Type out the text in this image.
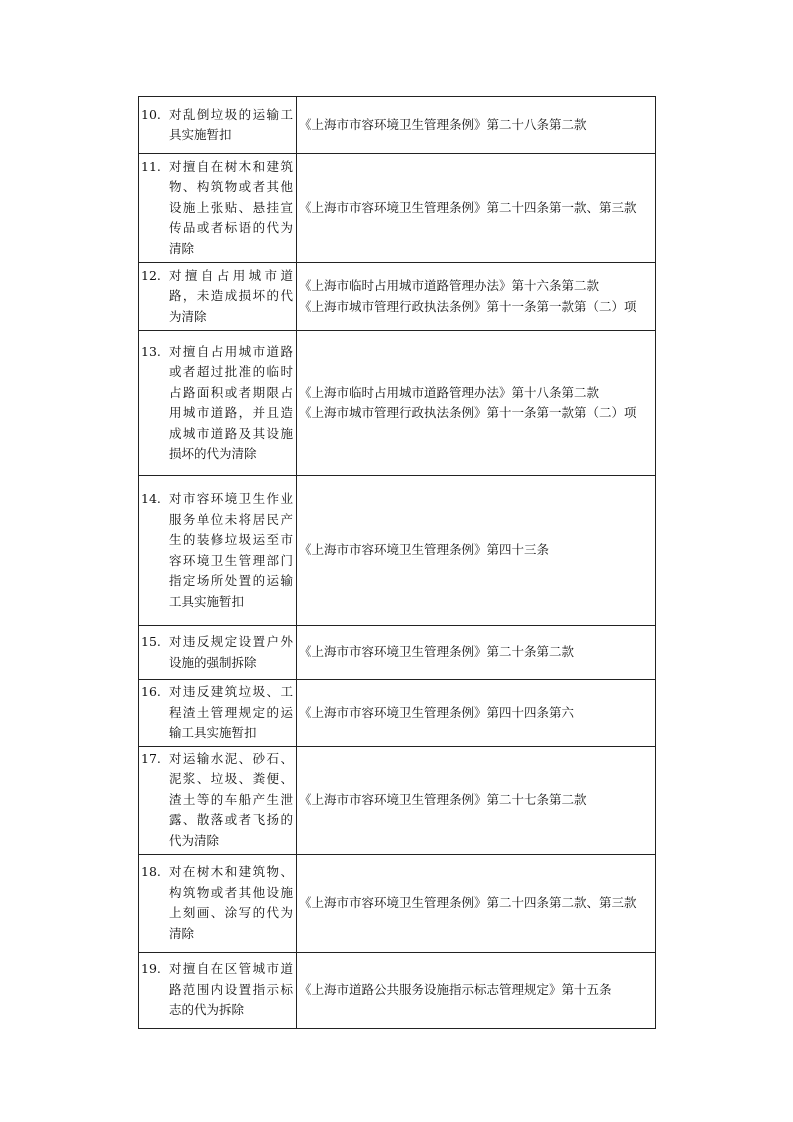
10. 对乱倒垃圾的运输工具实施暂扣	《上海市市容环境卫生管理条例》第二十八条第二款
11. 对擅自在树木和建筑物、构筑物或者其他设施上张贴、悬挂宣传品或者标语的代为清除	《上海市市容环境卫生管理条例》第二十四条第一款、第三款
12. 对擅自占用城市道路，未造成损坏的代为清除	《上海市临时占用城市道路管理办法》第十六条第二款
《上海市城市管理行政执法条例》第十一条第一款第（二）项
13. 对擅自占用城市道路或者超过批准的临时占路面积或者期限占用城市道路，并且造成城市道路及其设施损坏的代为清除	《上海市临时占用城市道路管理办法》第十八条第二款
《上海市城市管理行政执法条例》第十一条第一款第（二）项
14. 对市容环境卫生作业服务单位未将居民产生的装修垃圾运至市容环境卫生管理部门指定场所处置的运输工具实施暂扣	《上海市市容环境卫生管理条例》第四十三条
15. 对违反规定设置户外设施的强制拆除	《上海市市容环境卫生管理条例》第二十条第二款
16. 对违反建筑垃圾、工程渣土管理规定的运输工具实施暂扣	《上海市市容环境卫生管理条例》第四十四条第六
17. 对运输水泥、砂石、泥浆、垃圾、粪便、渣土等的车船产生泄露、散落或者飞扬的代为清除	《上海市市容环境卫生管理条例》第二十七条第二款
18. 对在树木和建筑物、构筑物或者其他设施上刻画、涂写的代为清除	《上海市市容环境卫生管理条例》第二十四条第二款、第三款
19. 对擅自在区管城市道路范围内设置指示标志的代为拆除	《上海市道路公共服务设施指示标志管理规定》第十五条
